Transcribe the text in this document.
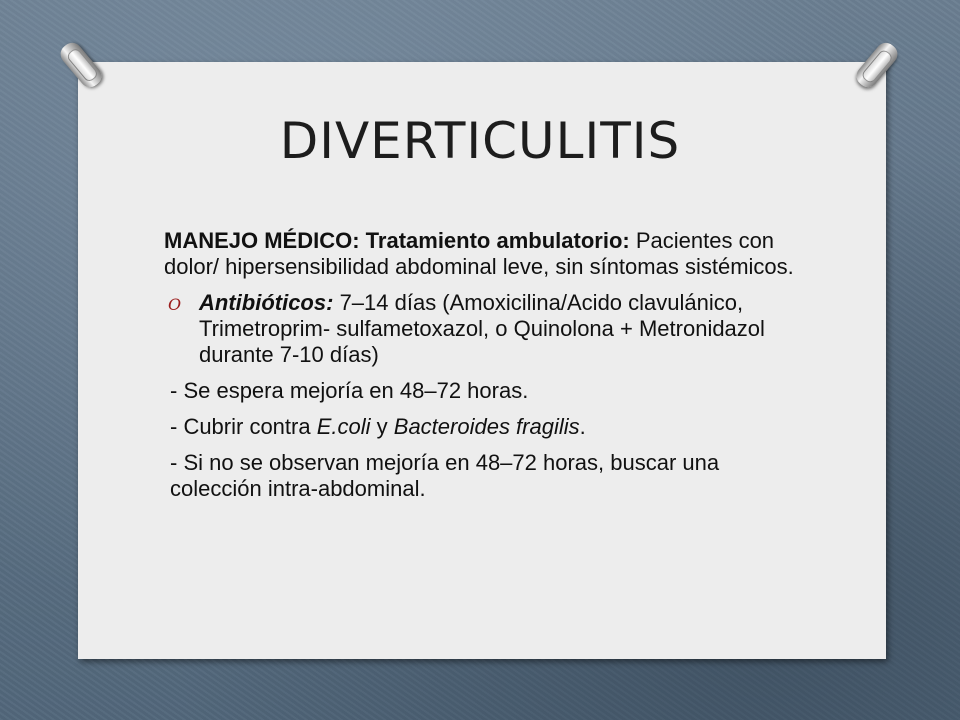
DIVERTICULITIS

MANEJO MÉDICO: Tratamiento ambulatorio: Pacientes con dolor/ hipersensibilidad abdominal leve, sin síntomas sistémicos.

O Antibióticos: 7–14 días (Amoxicilina/Acido clavulánico, Trimetroprim- sulfametoxazol, o Quinolona + Metronidazol durante 7-10 días)

- Se espera mejoría en 48–72 horas.

- Cubrir contra E.coli y Bacteroides fragilis.

- Si no se observan mejoría en 48–72 horas, buscar una colección intra-abdominal.
